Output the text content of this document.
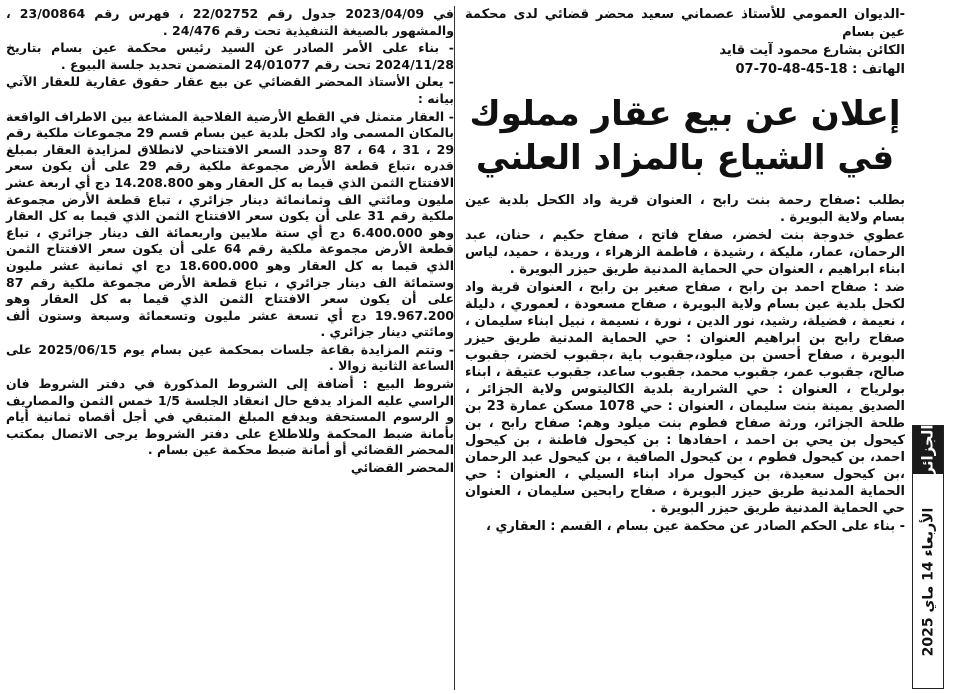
في 2023/04/09 جدول رقم 22/02752 ، فهرس رقم 23/00864 ، والمشهور بالصيغة التنفيذية تحت رقم 24/476 .

- بناء على الأمر الصادر عن السيد رئيس محكمة عين بسام بتاريخ 2024/11/28 تحت رقم 24/01077 المتضمن تحديد جلسة البيوع .

- يعلن الأستاذ المحضر القضائي عن بيع عقار حقوق عقارية للعقار الآتي بيانه :

- العقار متمثل في القطع الأرضية الفلاحية المشاعة بين الاطراف الواقعة بالمكان المسمى واد لكحل بلدية عين بسام قسم 29 مجموعات ملكية رقم 29 ، 31 ، 64 ، 87 وحدد السعر الافتتاحي لانطلاق لمزايدة العقار بمبلغ قدره ،تباع قطعة الأرض مجموعة ملكية رقم 29 على أن يكون سعر الافتتاح الثمن الذي قيما به كل العقار وهو 14.208.800 دج أي اربعة عشر مليون ومائتي الف وثمانمائة دينار جزائري ، تباع قطعة الأرض مجموعة ملكية رقم 31 على أن يكون سعر الافتتاح الثمن الذي قيما به كل العقار وهو 6.400.000 دج أي ستة ملايين واربعمائة الف دينار جزائري ، تباع قطعة الأرض مجموعة ملكية رقم 64 على أن يكون سعر الافتتاح الثمن الذي قيما به كل العقار وهو 18.600.000 دج اي ثمانية عشر مليون وستمائة الف دينار جزائري ، تباع قطعة الأرض مجموعة ملكية رقم 87 على أن يكون سعر الافتتاح الثمن الذي قيما به كل العقار وهو 19.967.200 دج أي تسعة عشر مليون وتسعمائة وسبعة وستون ألف ومائتي دينار جزائري .

- وتتم المزايدة بقاعة جلسات بمحكمة عين بسام يوم 2025/06/15 على الساعة الثانية زوالا .

شروط البيع : أضافة إلى الشروط المذكورة في دفتر الشروط فان الراسي عليه المزاد يدفع حال انعقاد الجلسة 1/5 خمس الثمن والمصاريف و الرسوم المستحقة ويدفع المبلغ المتبقي في أجل أقصاه ثمانية أيام بأمانة ضبط المحكمة وللاطلاع على دفتر الشروط يرجى الاتصال بمكتب المحضر القضائي أو أمانة ضبط محكمة عين بسام .

المحضر القضائي

-الديوان العمومي للأستاذ عصماني سعيد محضر قضائي لدى محكمة عين بسام

الكائن بشارع محمود آيت قايد

الهاتف : 18-45-48-70-07

إعلان عن بيع عقار مملوك في الشياع بالمزاد العلني

بطلب :صفاح رحمة بنت رابح ، العنوان قرية واد الكحل بلدية عين بسام ولاية البويرة .

عطوي خدوجة بنت لخضر، صفاح فاتح ، صفاح حكيم ، حنان، عبد الرحمان، عمار، مليكة ، رشيدة ، فاطمة الزهراء ، وريدة ، حميد، لياس ابناء ابراهيم ، العنوان حي الحماية المدنية طريق حيزر البويرة .

ضد : صفاح احمد بن رابح ، صفاح صغير بن رابح ، العنوان قرية واد لكحل بلدية عين بسام ولاية البويرة ، صفاح مسعودة ، لعموري ، دليلة ، نعيمة ، فضيلة، رشيد، نور الدين ، نورة ، نسيمة ، نبيل ابناء سليمان ، صفاح رابح بن ابراهيم العنوان : حي الحماية المدنية طريق حيزر البويرة ، صفاح أحسن بن ميلود،جقبوب باية ،جقبوب لخضر، جقبوب صالح، جقبوب عمر، جقبوب محمد، جقبوب ساعد، جقبوب عتيقة ، ابناء بولرياح ، العنوان : حي الشرارية بلدية الكاليتوس ولاية الجزائر ، الصديق يمينة بنت سليمان ، العنوان : حي 1078 مسكن عمارة 23 بن طلحة الجزائر، ورثة صفاح فطوم بنت ميلود وهم: صفاح رابح ، بن كيحول بن يحي بن احمد ، احفادها : بن كيحول فاطنة ، بن كيحول احمد، بن كيحول فطوم ، بن كيحول الصافية ، بن كيحول عبد الرحمان ،بن كيحول سعيدة، بن كيحول مراد ابناء السيلي ، العنوان : حي الحماية المدنية طريق حيزر البويرة ، صفاح رابحين سليمان ، العنوان حي الحماية المدنية طريق حيزر البويرة .

- بناء على الحكم الصادر عن محكمة عين بسام ، القسم : العقاري ،

الجزائر
الأربعاء 14 ماي 2025
